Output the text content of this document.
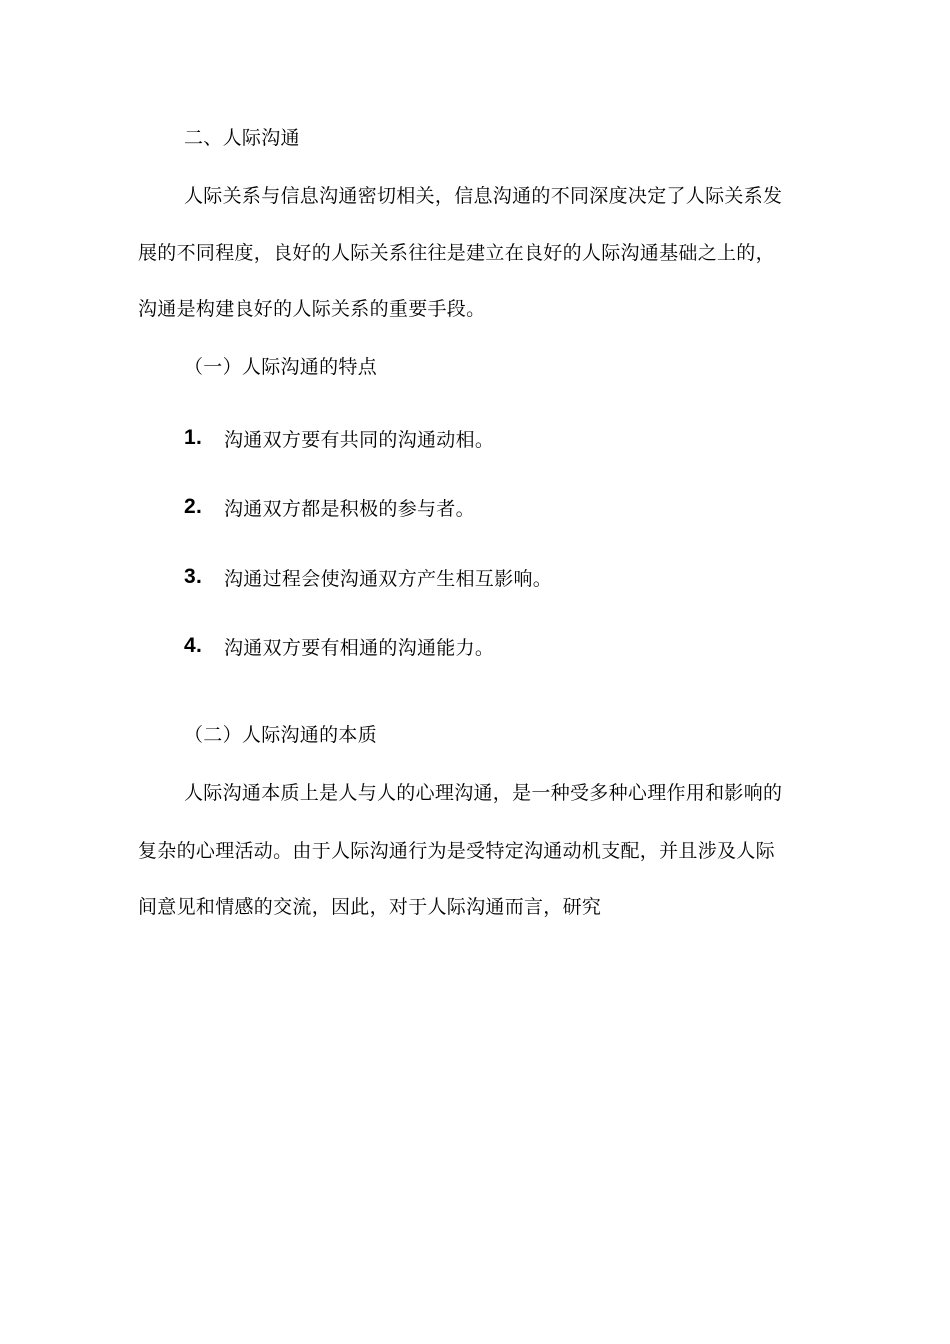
二、人际沟通
人际关系与信息沟通密切相关，信息沟通的不同深度决定了人际关系发
展的不同程度，良好的人际关系往往是建立在良好的人际沟通基础之上的，
沟通是构建良好的人际关系的重要手段。
（一）人际沟通的特点
1.	沟通双方要有共同的沟通动相。
2.	沟通双方都是积极的参与者。
3.	沟通过程会使沟通双方产生相互影响。
4.	沟通双方要有相通的沟通能力。
（二）人际沟通的本质
人际沟通本质上是人与人的心理沟通，是一种受多种心理作用和影响的
复杂的心理活动。由于人际沟通行为是受特定沟通动机支配，并且涉及人际
间意见和情感的交流，因此，对于人际沟通而言，研究
